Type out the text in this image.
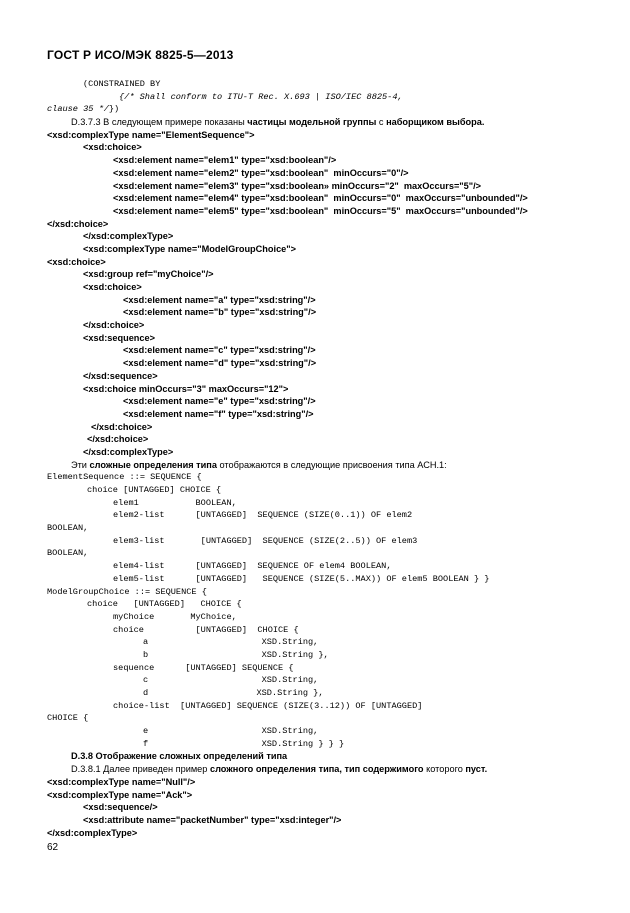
ГОСТ Р ИСО/МЭК 8825-5—2013
(CONSTRAINED BY
{/* Shall conform to ITU-T Rec. X.693 | ISO/IEC 8825-4,
clause 35 */})
D.3.7.3 В следующем примере показаны частицы модельной группы с наборщиком выбора.
<xsd:complexType name="ElementSequence">
<xsd:choice>
<xsd:element name="elem1" type="xsd:boolean"/>
<xsd:element name="elem2" type="xsd:boolean"  minOccurs="0"/>
<xsd:element name="elem3" type="xsd:boolean» minOccurs="2"  maxOccurs="5"/>
<xsd:element name="elem4" type="xsd:boolean"  minOccurs="0"  maxOccurs="unbounded"/>
<xsd:element name="elem5" type="xsd:boolean"  minOccurs="5"  maxOccurs="unbounded"/>
</xsd:choice>
</xsd:complexType>
<xsd:complexType name="ModelGroupChoice">
<xsd:choice>
<xsd:group ref="myChoice"/>
<xsd:choice>
<xsd:element name="a" type="xsd:string"/>
<xsd:element name="b" type="xsd:string"/>
</xsd:choice>
<xsd:sequence>
<xsd:element name="c" type="xsd:string"/>
<xsd:element name="d" type="xsd:string"/>
</xsd:sequence>
<xsd:choice minOccurs="3" maxOccurs="12">
<xsd:element name="e" type="xsd:string"/>
<xsd:element name="f" type="xsd:string"/>
</xsd:choice>
</xsd:choice>
</xsd:complexType>
Эти сложные определения типа отображаются в следующие присвоения типа АСН.1:
ElementSequence ::= SEQUENCE {
choice [UNTAGGED] CHOICE {
elem1           BOOLEAN,
elem2-list      [UNTAGGED]  SEQUENCE (SIZE(0..1)) OF elem2
BOOLEAN,
elem3-list       [UNTAGGED]  SEQUENCE (SIZE(2..5)) OF elem3
BOOLEAN,
elem4-list      [UNTAGGED]  SEQUENCE OF elem4 BOOLEAN,
elem5-list      [UNTAGGED]   SEQUENCE (SIZE(5..MAX)) OF elem5 BOOLEAN } }
ModelGroupChoice ::= SEQUENCE {
choice   [UNTAGGED]   CHOICE {
myChoice       MyChoice,
choice          [UNTAGGED]  CHOICE {
a                      XSD.String,
b                      XSD.String },
sequence      [UNTAGGED] SEQUENCE {
c                      XSD.String,
d                     XSD.String },
choice-list  [UNTAGGED] SEQUENCE (SIZE(3..12)) OF [UNTAGGED]
CHOICE {
e                      XSD.String,
f                      XSD.String } } }
D.3.8 Отображение сложных определений типа
D.3.8.1 Далее приведен пример сложного определения типа, тип содержимого которого пуст.
<xsd:complexType name="Null"/>
<xsd:complexType name="Ack">
<xsd:sequence/>
<xsd:attribute name="packetNumber" type="xsd:integer"/>
</xsd:complexType>
62
